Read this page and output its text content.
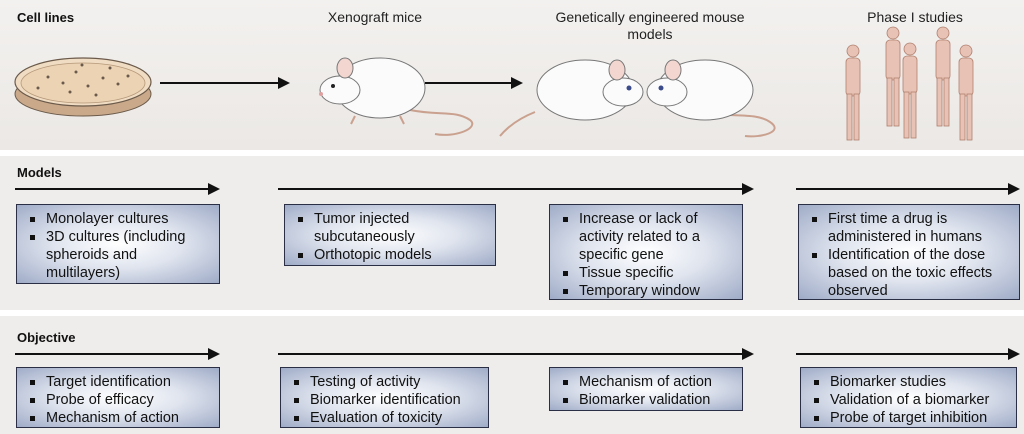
Cell lines	Xenograft mice	Genetically engineered mouse models
Phase I studies
Models
Monolayer cultures
3D cultures (including spheroids and multilayers)
Tumor injected subcutaneously
Orthotopic models
Increase or lack of activity related to a specific gene
Tissue specific
Temporary window
First time a drug is administered in humans
Identification of the dose based on the toxic effects observed
Objective
Target identification
Probe of efficacy
Mechanism of action
Testing of activity
Biomarker identification
Evaluation of toxicity
Mechanism of action
Biomarker validation
Biomarker studies
Validation of a biomarker
Probe of target inhibition
